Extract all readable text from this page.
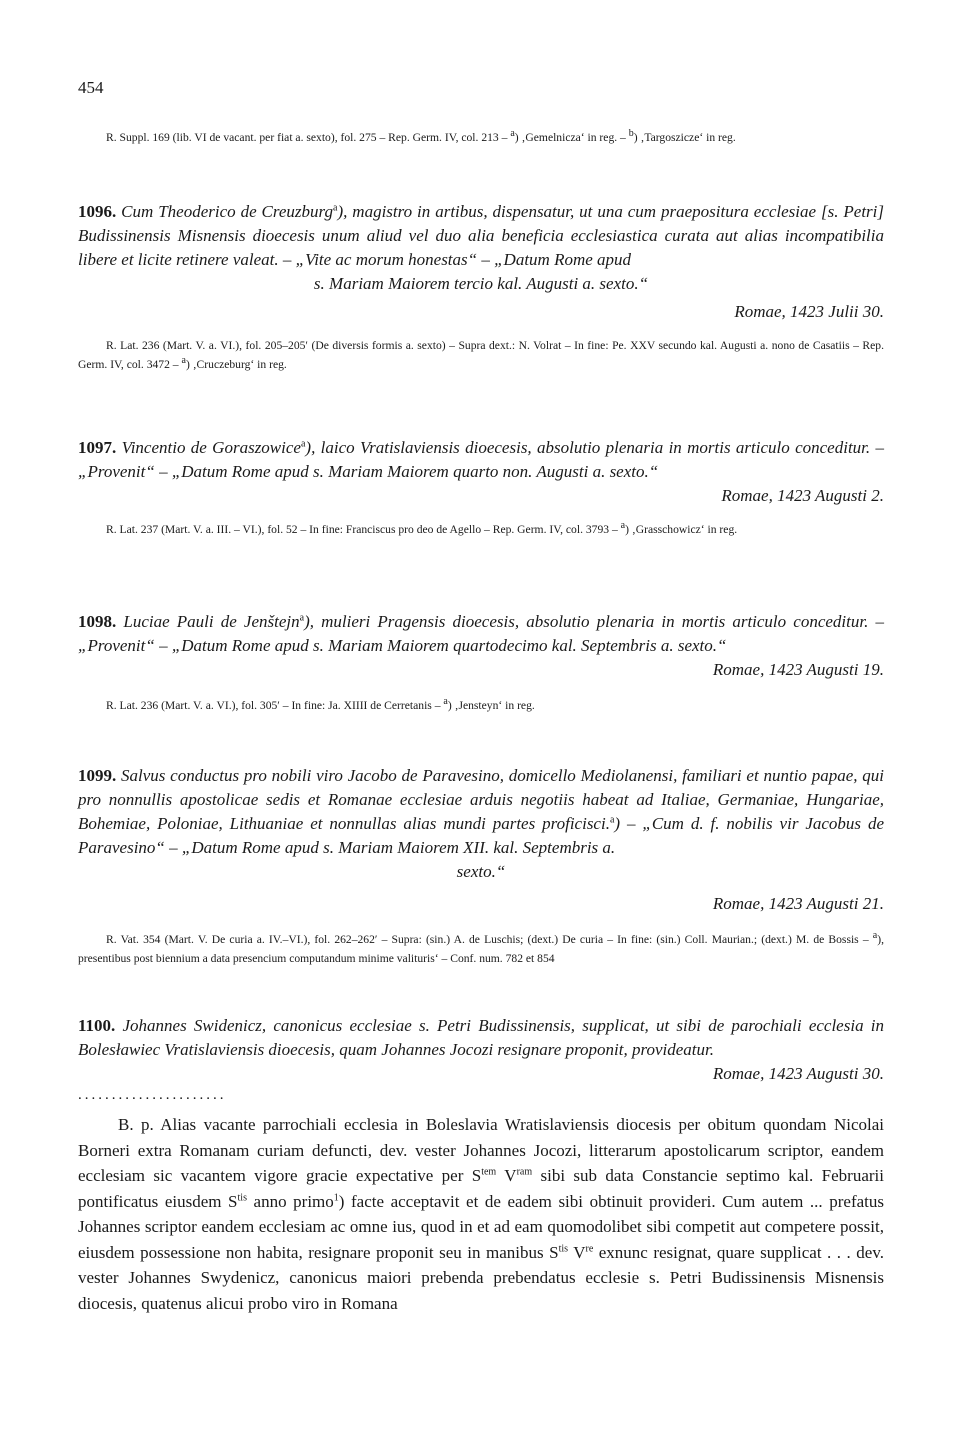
454

R. Suppl. 169 (lib. VI de vacant. per fiat a. sexto), fol. 275 – Rep. Germ. IV, col. 213 – $^a$) ‚Gemelnicza‘ in reg. – $^b$) ‚Targoszicze‘ in reg.

1096. Cum Theoderico de Creuzburg$^a$), magistro in artibus, dispensatur, ut una cum praepositura ecclesiae [s. Petri] Budissinensis Misnensis dioecesis unum aliud vel duo alia beneficia ecclesiastica curata aut alias incompatibilia libere et licite retinere valeat. – „Vite ac morum honestas“ – „Datum Rome apud

s. Mariam Maiorem tercio kal. Augusti a. sexto.“
Romae, 1423 Julii 30.

R. Lat. 236 (Mart. V. a. VI.), fol. 205–205′ (De diversis formis a. sexto) – Supra dext.: N. Volrat – In fine: Pe. XXV secundo kal. Augusti a. nono de Casatiis – Rep. Germ. IV, col. 3472 – $^a$) ‚Cruczeburg‘ in reg.

1097. Vincentio de Goraszowice$^a$), laico Vratislaviensis dioecesis, absolutio plenaria in mortis articulo conceditur. – „Provenit“ – „Datum Rome apud s. Mariam Maiorem quarto non. Augusti a. sexto.“

Romae, 1423 Augusti 2.

R. Lat. 237 (Mart. V. a. III. – VI.), fol. 52 – In fine: Franciscus pro deo de Agello – Rep. Germ. IV, col. 3793 – $^a$) ‚Grasschowicz‘ in reg.

1098. Luciae Pauli de Jenštejn$^a$), mulieri Pragensis dioecesis, absolutio plenaria in mortis articulo conceditur. – „Provenit“ – „Datum Rome apud s. Mariam Maiorem quartodecimo kal. Septembris a. sexto.“

Romae, 1423 Augusti 19.

R. Lat. 236 (Mart. V. a. VI.), fol. 305′ – In fine: Ja. XIIII de Cerretanis – $^a$) ‚Jensteyn‘ in reg.

1099. Salvus conductus pro nobili viro Jacobo de Paravesino, domicello Mediolanensi, familiari et nuntio papae, qui pro nonnullis apostolicae sedis et Romanae ecclesiae arduis negotiis habeat ad Italiae, Germaniae, Hungariae, Bohemiae, Poloniae, Lithuaniae et nonnullas alias mundi partes proficisci.$^a$) – „Cum d. f. nobilis vir Jacobus de Paravesino“ – „Datum Rome apud s. Mariam Maiorem XII. kal. Septembris a.

sexto.“
Romae, 1423 Augusti 21.

R. Vat. 354 (Mart. V. De curia a. IV.–VI.), fol. 262–262′ – Supra: (sin.) A. de Luschis; (dext.) De curia – In fine: (sin.) Coll. Maurian.; (dext.) M. de Bossis – $^a$), presentibus post biennium a data presencium computandum minime valituris‘ – Conf. num. 782 et 854

1100. Johannes Swidenicz, canonicus ecclesiae s. Petri Budissinensis, supplicat, ut sibi de parochiali ecclesia in Bolesławiec Vratislaviensis dioecesis, quam Johannes Jocozi resignare proponit, provideatur.

Romae, 1423 Augusti 30.
......................

B. p. Alias vacante parrochiali ecclesia in Boleslavia Wratislaviensis diocesis per obitum quondam Nicolai Borneri extra Romanam curiam defuncti, dev. vester Johannes Jocozi, litterarum apostolicarum scriptor, eandem ecclesiam sic vacantem vigore gracie expectative per $S^{tem}$ $V^{ram}$ sibi sub data Constancie septimo kal. Februarii pontificatus eiusdem $S^{tis}$ anno primo$^1$) facte acceptavit et de eadem sibi obtinuit provideri. Cum autem ... prefatus Johannes scriptor eandem ecclesiam ac omne ius, quod in et ad eam quomodolibet sibi competit aut competere possit, eiusdem possessione non habita, resignare proponit seu in manibus $S^{tis}$ Vre exnunc resignat, quare supplicat . . . dev. vester Johannes Swydenicz, canonicus maiori prebenda prebendatus ecclesie s. Petri Budissinensis Misnensis diocesis, quatenus alicui probo viro in Romana
